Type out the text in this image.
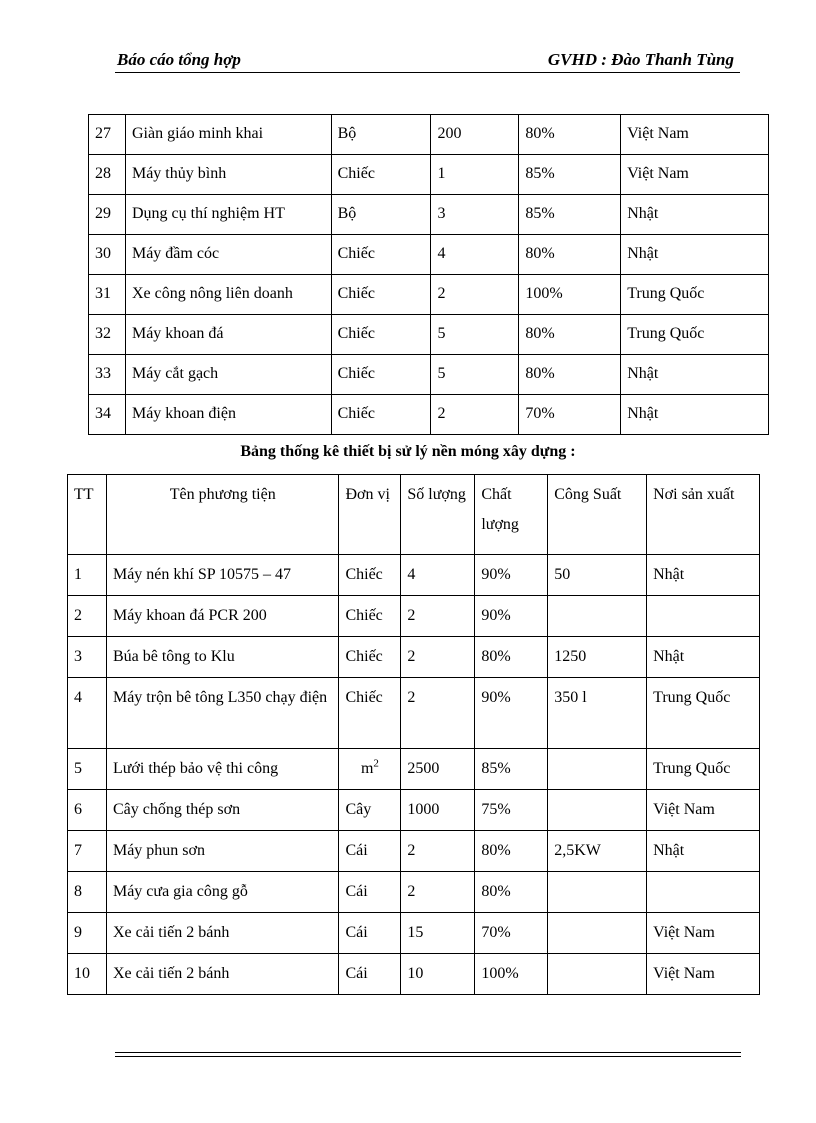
Báo cáo tổng hợp	GVHD : Đào Thanh Tùng
27	Giàn giáo minh khai	Bộ	200	80%	Việt Nam
28	Máy thủy bình	Chiếc	1	85%	Việt Nam
29	Dụng cụ thí nghiệm HT	Bộ	3	85%	Nhật
30	Máy đầm cóc	Chiếc	4	80%	Nhật
31	Xe công nông liên doanh	Chiếc	2	100%	Trung Quốc
32	Máy khoan đá	Chiếc	5	80%	Trung Quốc
33	Máy cắt gạch	Chiếc	5	80%	Nhật
34	Máy khoan điện	Chiếc	2	70%	Nhật
Bảng thống kê thiết bị sử lý nền móng xây dựng :
TT	Tên phương tiện	Đơn vị	Số lượng	Chất lượng	Công Suất	Nơi sản xuất
1	Máy nén khí SP 10575 – 47	Chiếc	4	90%	50	Nhật
2	Máy khoan đá PCR 200	Chiếc	2	90%		
3	Búa bê tông to Klu	Chiếc	2	80%	1250	Nhật
4	Máy trộn bê tông L350 chạy điện	Chiếc	2	90%	350 l	Trung Quốc
5	Lưới thép bảo vệ thi công	$m^2$	2500	85%		Trung Quốc
6	Cây chống thép sơn	Cây	1000	75%		Việt Nam
7	Máy phun sơn	Cái	2	80%	2,5KW	Nhật
8	Máy cưa gia công gỗ	Cái	2	80%		
9	Xe cải tiến 2 bánh	Cái	15	70%		Việt Nam
10	Xe cải tiến 2 bánh	Cái	10	100%		Việt Nam
